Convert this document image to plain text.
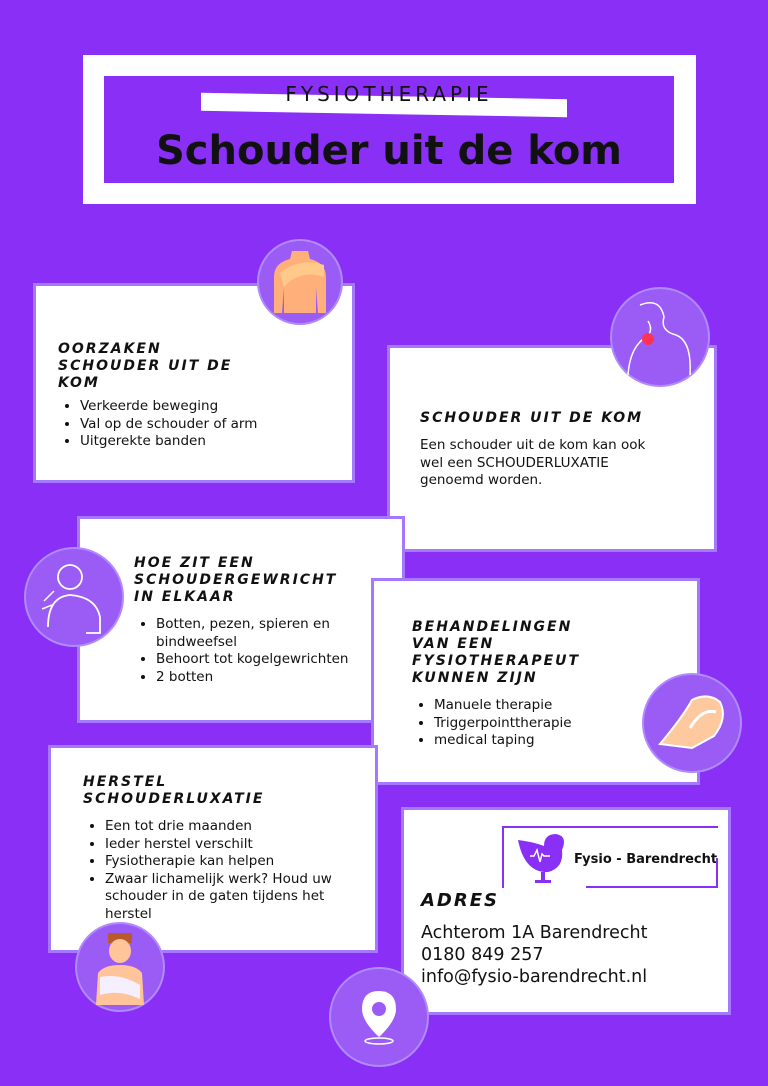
FYSIOTHERAPIE
Schouder uit de kom
OORZAKEN SCHOUDER UIT DE KOM
• Verkeerde beweging
• Val op de schouder of arm
• Uitgerekte banden
SCHOUDER UIT DE KOM

Een schouder uit de kom kan ook wel een SCHOUDERLUXATIE genoemd worden.

HOE ZIT EEN SCHOUDERGEWRICHT IN ELKAAR
• Botten, pezen, spieren en bindweefsel
• Behoort tot kogelgewrichten
• 2 botten
BEHANDELINGEN VAN EEN FYSIOTHERAPEUT KUNNEN ZIJN
• Manuele therapie
• Triggerpointtherapie
• medical taping
HERSTEL SCHOUDERLUXATIE
• Een tot drie maanden
• Ieder herstel verschilt
• Fysiotherapie kan helpen
• Zwaar lichamelijk werk? Houd uw schouder in de gaten tijdens het herstel
Fysio - Barendrecht
ADRES
Achterom 1A Barendrecht
0180 849 257
info@fysio-barendrecht.nl
